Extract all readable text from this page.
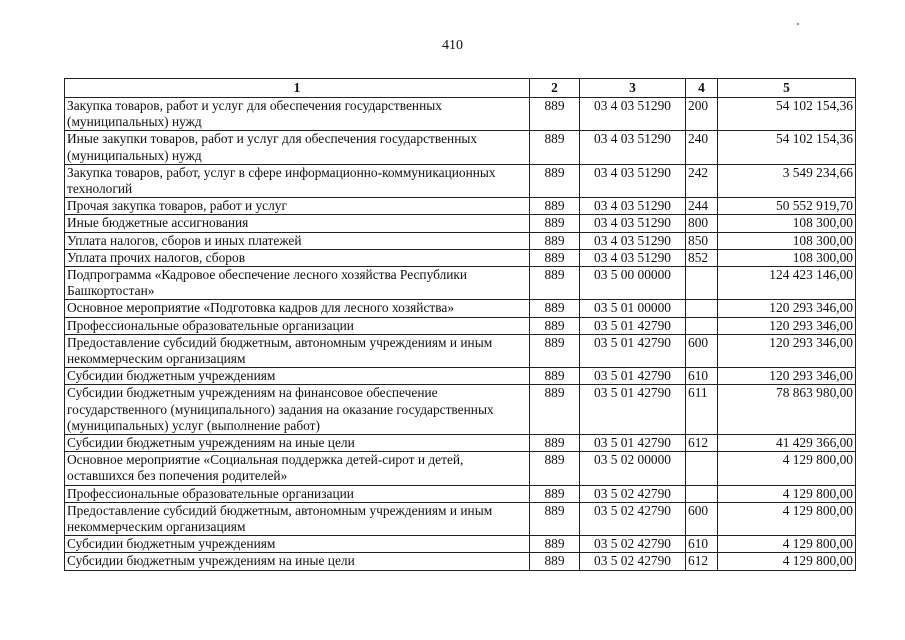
410
1	2	3	4	5
Закупка товаров, работ и услуг для обеспечения государственных (муниципальных) нужд	889	03 4 03 51290	200	54 102 154,36
Иные закупки товаров, работ и услуг для обеспечения государственных (муниципальных) нужд	889	03 4 03 51290	240	54 102 154,36
Закупка товаров, работ, услуг в сфере информационно-коммуникационных технологий	889	03 4 03 51290	242	3 549 234,66
Прочая закупка товаров, работ и услуг	889	03 4 03 51290	244	50 552 919,70
Иные бюджетные ассигнования	889	03 4 03 51290	800	108 300,00
Уплата налогов, сборов и иных платежей	889	03 4 03 51290	850	108 300,00
Уплата прочих налогов, сборов	889	03 4 03 51290	852	108 300,00
Подпрограмма «Кадровое обеспечение лесного хозяйства Республики Башкортостан»	889	03 5 00 00000		124 423 146,00
Основное мероприятие «Подготовка кадров для лесного хозяйства»	889	03 5 01 00000		120 293 346,00
Профессиональные образовательные организации	889	03 5 01 42790		120 293 346,00
Предоставление субсидий бюджетным, автономным учреждениям и иным некоммерческим организациям	889	03 5 01 42790	600	120 293 346,00
Субсидии бюджетным учреждениям	889	03 5 01 42790	610	120 293 346,00
Субсидии бюджетным учреждениям на финансовое обеспечение государственного (муниципального) задания на оказание государственных (муниципальных) услуг (выполнение работ)	889	03 5 01 42790	611	78 863 980,00
Субсидии бюджетным учреждениям на иные цели	889	03 5 01 42790	612	41 429 366,00
Основное мероприятие «Социальная поддержка детей-сирот и детей, оставшихся без попечения родителей»	889	03 5 02 00000		4 129 800,00
Профессиональные образовательные организации	889	03 5 02 42790		4 129 800,00
Предоставление субсидий бюджетным, автономным учреждениям и иным некоммерческим организациям	889	03 5 02 42790	600	4 129 800,00
Субсидии бюджетным учреждениям	889	03 5 02 42790	610	4 129 800,00
Субсидии бюджетным учреждениям на иные цели	889	03 5 02 42790	612	4 129 800,00
